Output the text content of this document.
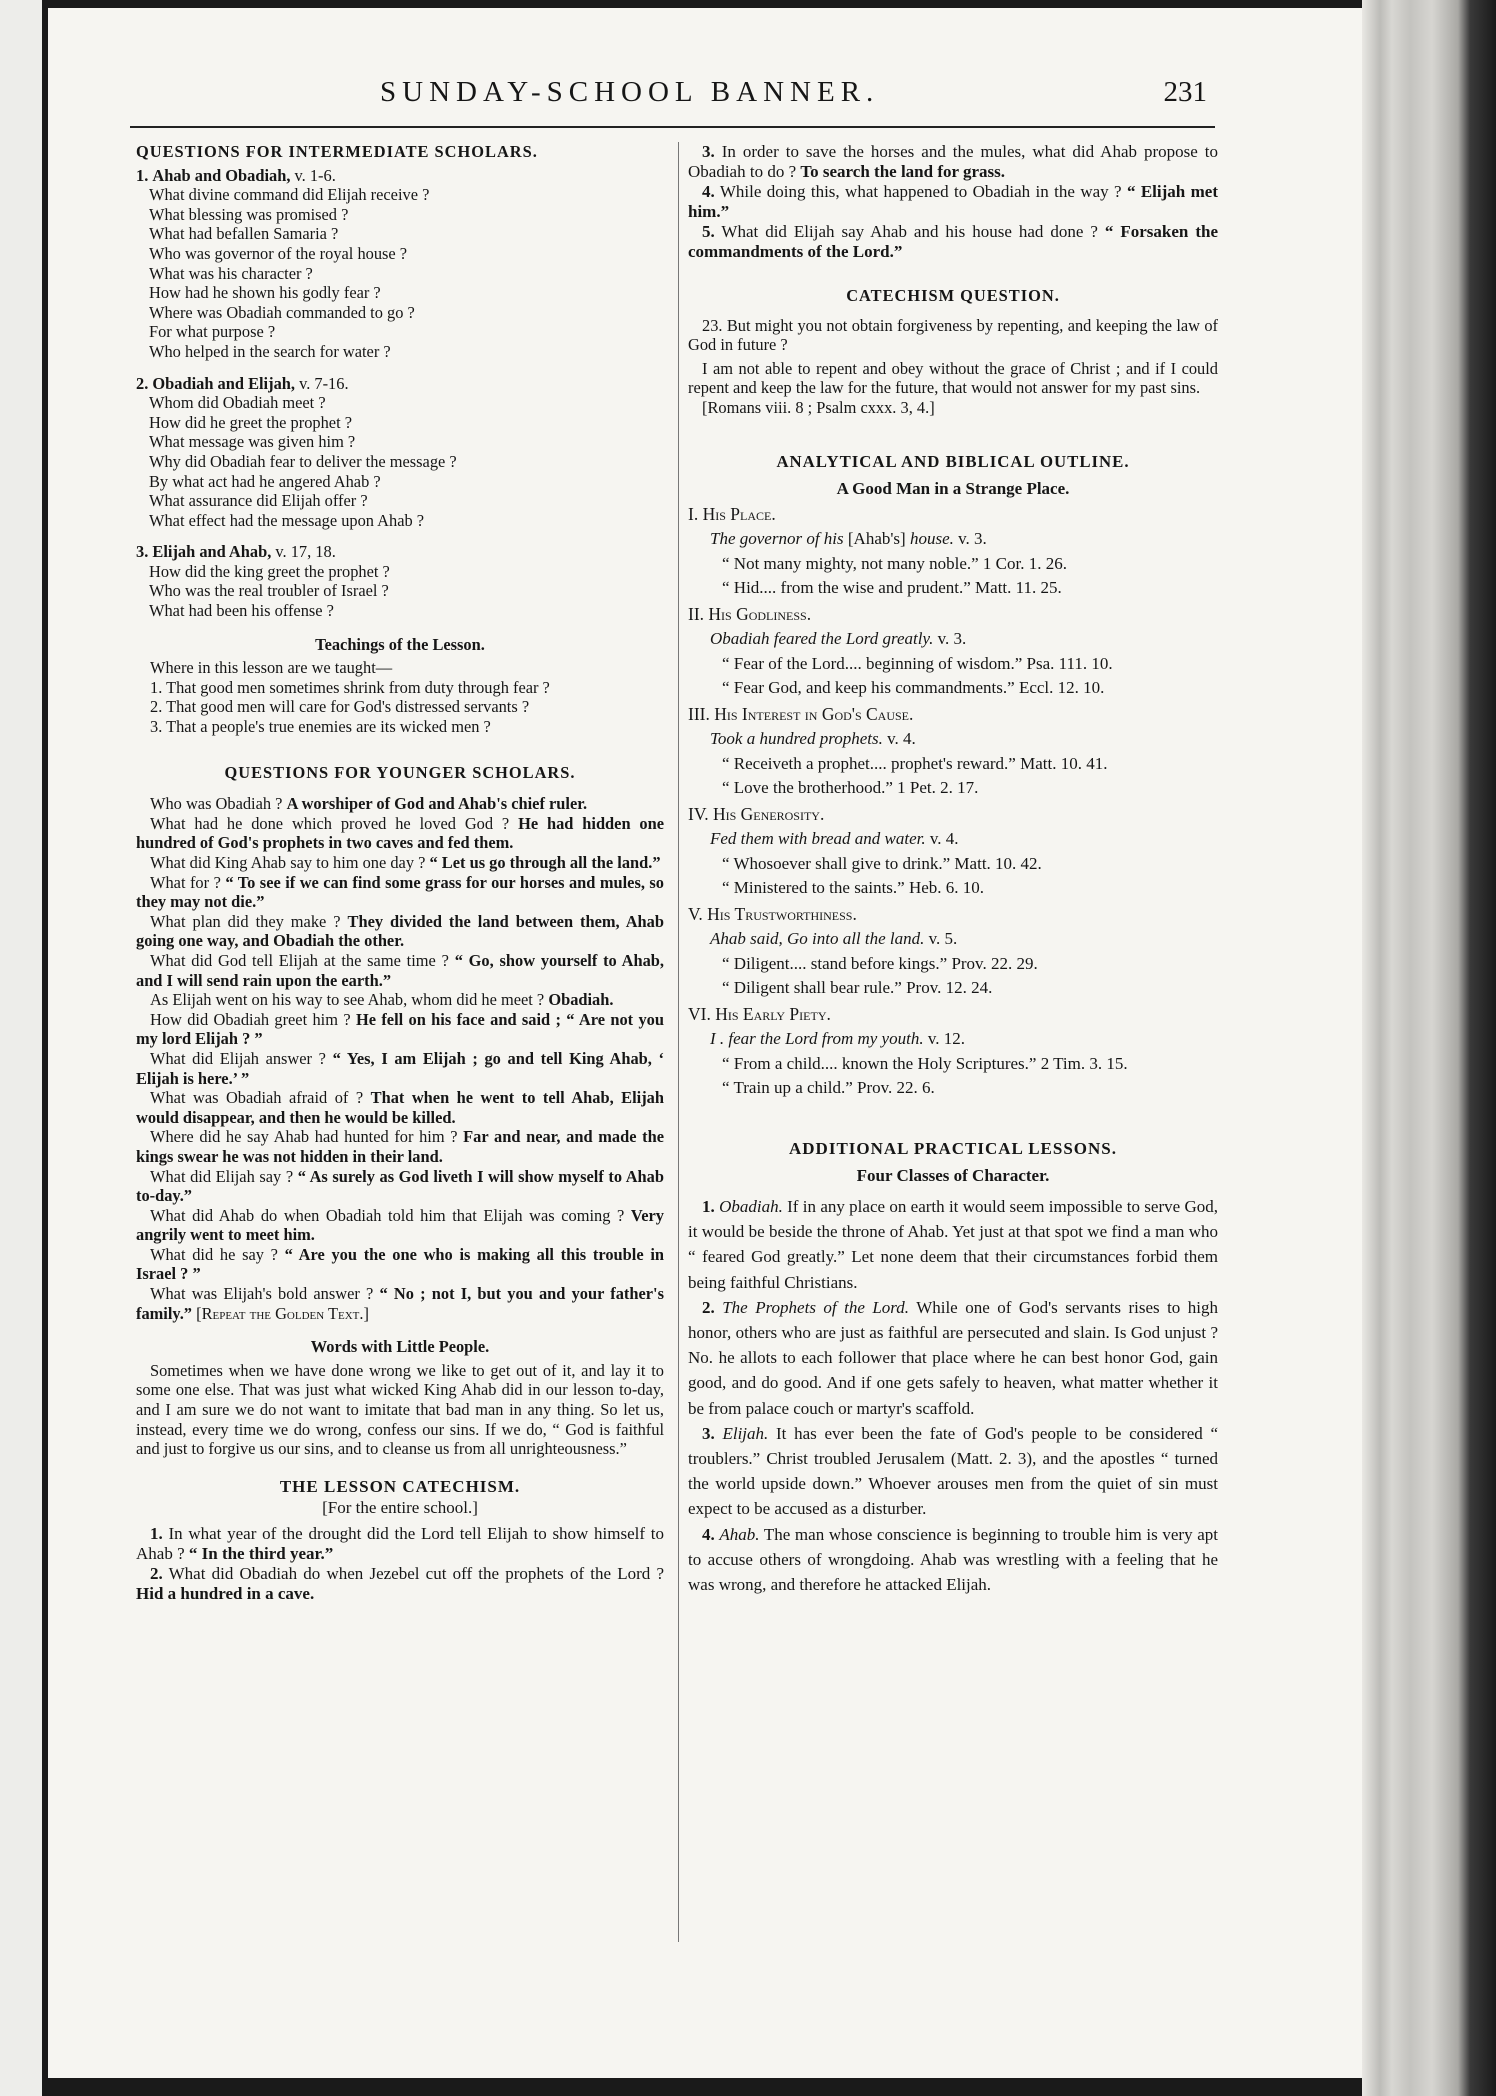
SUNDAY-SCHOOL BANNER.	231

QUESTIONS FOR INTERMEDIATE SCHOLARS.

1. Ahab and Obadiah, v. 1-6.

What divine command did Elijah receive ?

What blessing was promised ?

What had befallen Samaria ?

Who was governor of the royal house ?

What was his character ?

How had he shown his godly fear ?

Where was Obadiah commanded to go ?

For what purpose ?

Who helped in the search for water ?

2. Obadiah and Elijah, v. 7-16.

Whom did Obadiah meet ?

How did he greet the prophet ?

What message was given him ?

Why did Obadiah fear to deliver the message ?

By what act had he angered Ahab ?

What assurance did Elijah offer ?

What effect had the message upon Ahab ?

3. Elijah and Ahab, v. 17, 18.

How did the king greet the prophet ?

Who was the real troubler of Israel ?

What had been his offense ?

Teachings of the Lesson.

Where in this lesson are we taught—

1. That good men sometimes shrink from duty through fear ?

2. That good men will care for God's distressed servants ?

3. That a people's true enemies are its wicked men ?

QUESTIONS FOR YOUNGER SCHOLARS.

Who was Obadiah ? A worshiper of God and Ahab's chief ruler.

What had he done which proved he loved God ? He had hidden one hundred of God's prophets in two caves and fed them.

What did King Ahab say to him one day ? “ Let us go through all the land.”

What for ? “ To see if we can find some grass for our horses and mules, so they may not die.”

What plan did they make ? They divided the land between them, Ahab going one way, and Obadiah the other.

What did God tell Elijah at the same time ? “ Go, show yourself to Ahab, and I will send rain upon the earth.”

As Elijah went on his way to see Ahab, whom did he meet ? Obadiah.

How did Obadiah greet him ? He fell on his face and said ; “ Are not you my lord Elijah ? ”

What did Elijah answer ? “ Yes, I am Elijah ; go and tell King Ahab, ‘ Elijah is here.’ ”

What was Obadiah afraid of ? That when he went to tell Ahab, Elijah would disappear, and then he would be killed.

Where did he say Ahab had hunted for him ? Far and near, and made the kings swear he was not hidden in their land.

What did Elijah say ? “ As surely as God liveth I will show myself to Ahab to-day.”

What did Ahab do when Obadiah told him that Elijah was coming ? Very angrily went to meet him.

What did he say ? “ Are you the one who is making all this trouble in Israel ? ”

What was Elijah's bold answer ? “ No ; not I, but you and your father's family.” [Repeat the Golden Text.]

Words with Little People.

Sometimes when we have done wrong we like to get out of it, and lay it to some one else. That was just what wicked King Ahab did in our lesson to-day, and I am sure we do not want to imitate that bad man in any thing. So let us, instead, every time we do wrong, confess our sins. If we do, “ God is faithful and just to forgive us our sins, and to cleanse us from all unrighteousness.”

THE LESSON CATECHISM.

[For the entire school.]

1. In what year of the drought did the Lord tell Elijah to show himself to Ahab ? “ In the third year.”

2. What did Obadiah do when Jezebel cut off the prophets of the Lord ? Hid a hundred in a cave.

3. In order to save the horses and the mules, what did Ahab propose to Obadiah to do ? To search the land for grass.

4. While doing this, what happened to Obadiah in the way ? “ Elijah met him.”

5. What did Elijah say Ahab and his house had done ? “ Forsaken the commandments of the Lord.”

CATECHISM QUESTION.

23. But might you not obtain forgiveness by repenting, and keeping the law of God in future ?

I am not able to repent and obey without the grace of Christ ; and if I could repent and keep the law for the future, that would not answer for my past sins.

[Romans viii. 8 ; Psalm cxxx. 3, 4.]

ANALYTICAL AND BIBLICAL OUTLINE.

A Good Man in a Strange Place.

I. His Place.

The governor of his [Ahab's] house. v. 3.

“ Not many mighty, not many noble.” 1 Cor. 1. 26.

“ Hid.... from the wise and prudent.” Matt. 11. 25.

II. His Godliness.

Obadiah feared the Lord greatly. v. 3.

“ Fear of the Lord.... beginning of wisdom.” Psa. 111. 10.

“ Fear God, and keep his commandments.” Eccl. 12. 10.

III. His Interest in God's Cause.

Took a hundred prophets. v. 4.

“ Receiveth a prophet.... prophet's reward.” Matt. 10. 41.

“ Love the brotherhood.” 1 Pet. 2. 17.

IV. His Generosity.

Fed them with bread and water. v. 4.

“ Whosoever shall give to drink.” Matt. 10. 42.

“ Ministered to the saints.” Heb. 6. 10.

V. His Trustworthiness.

Ahab said, Go into all the land. v. 5.

“ Diligent.... stand before kings.” Prov. 22. 29.

“ Diligent shall bear rule.” Prov. 12. 24.

VI. His Early Piety.

I . fear the Lord from my youth. v. 12.

“ From a child.... known the Holy Scriptures.” 2 Tim. 3. 15.

“ Train up a child.” Prov. 22. 6.

ADDITIONAL PRACTICAL LESSONS.

Four Classes of Character.

1. Obadiah. If in any place on earth it would seem impossible to serve God, it would be beside the throne of Ahab. Yet just at that spot we find a man who “ feared God greatly.” Let none deem that their circumstances forbid them being faithful Christians.

2. The Prophets of the Lord. While one of God's servants rises to high honor, others who are just as faithful are persecuted and slain. Is God unjust ? No. he allots to each follower that place where he can best honor God, gain good, and do good. And if one gets safely to heaven, what matter whether it be from palace couch or martyr's scaffold.

3. Elijah. It has ever been the fate of God's people to be considered “ troublers.” Christ troubled Jerusalem (Matt. 2. 3), and the apostles “ turned the world upside down.” Whoever arouses men from the quiet of sin must expect to be accused as a disturber.

4. Ahab. The man whose conscience is beginning to trouble him is very apt to accuse others of wrongdoing. Ahab was wrestling with a feeling that he was wrong, and therefore he attacked Elijah.
